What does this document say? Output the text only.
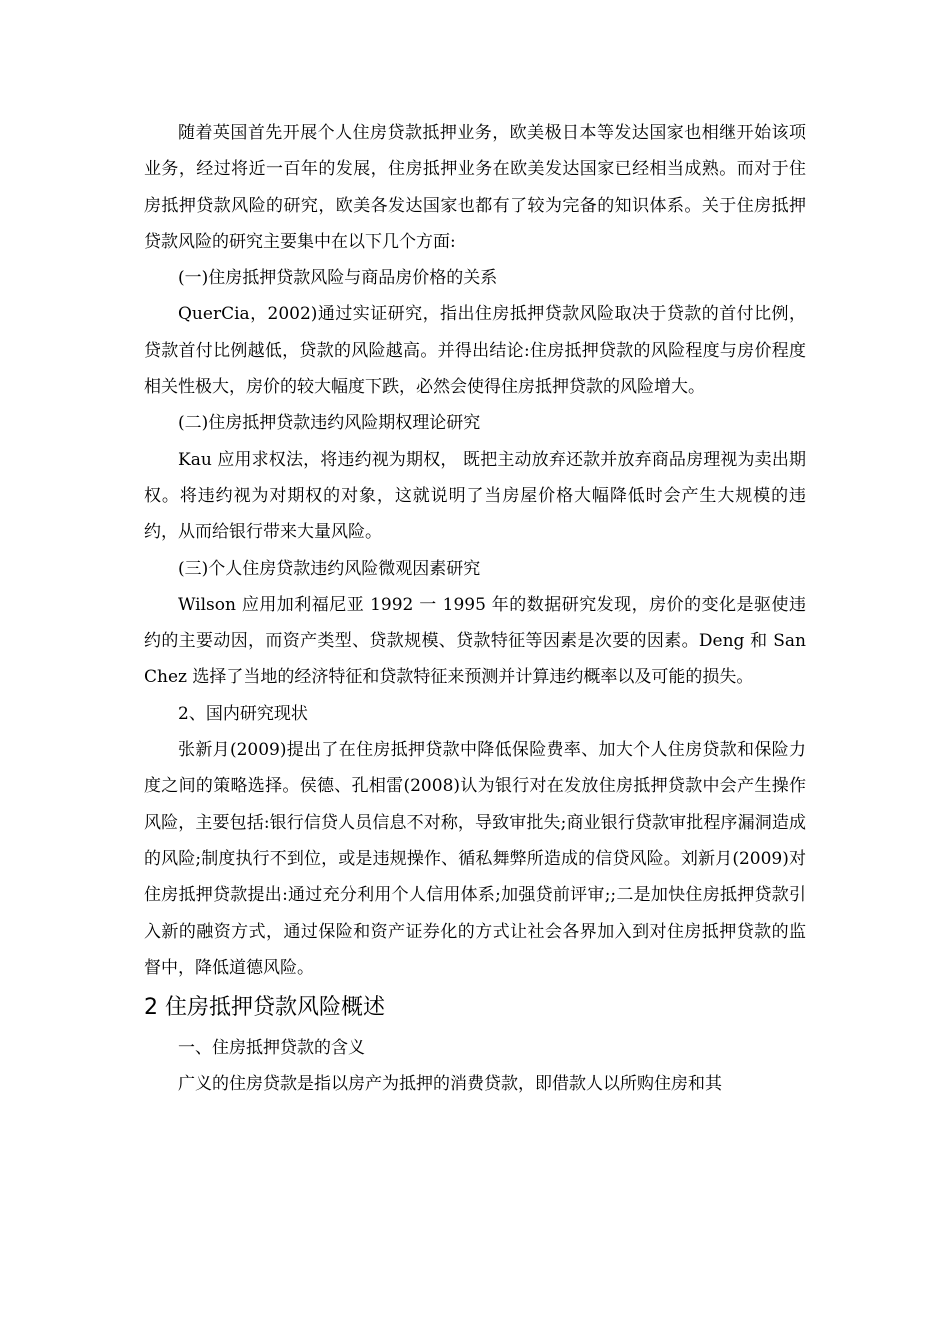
随着英国首先开展个人住房贷款抵押业务，欧美极日本等发达国家也相继开始该项业务，经过将近一百年的发展，住房抵押业务在欧美发达国家已经相当成熟。而对于住房抵押贷款风险的研究，欧美各发达国家也都有了较为完备的知识体系。关于住房抵押贷款风险的研究主要集中在以下几个方面:

(一)住房抵押贷款风险与商品房价格的关系

QuerCia，2002)通过实证研究，指出住房抵押贷款风险取决于贷款的首付比例，贷款首付比例越低，贷款的风险越高。并得出结论:住房抵押贷款的风险程度与房价程度相关性极大，房价的较大幅度下跌，必然会使得住房抵押贷款的风险增大。

(二)住房抵押贷款违约风险期权理论研究

Kau 应用求权法，将违约视为期权， 既把主动放弃还款并放弃商品房理视为卖出期权。将违约视为对期权的对象，这就说明了当房屋价格大幅降低时会产生大规模的违约，从而给银行带来大量风险。

(三)个人住房贷款违约风险微观因素研究

Wilson 应用加利福尼亚 1992 一 1995 年的数据研究发现，房价的变化是驱使违约的主要动因，而资产类型、贷款规模、贷款特征等因素是次要的因素。Deng 和 SanChez 选择了当地的经济特征和贷款特征来预测并计算违约概率以及可能的损失。

2、国内研究现状

张新月(2009)提出了在住房抵押贷款中降低保险费率、加大个人住房贷款和保险力度之间的策略选择。侯德、孔相雷(2008)认为银行对在发放住房抵押贷款中会产生操作风险，主要包括:银行信贷人员信息不对称，导致审批失;商业银行贷款审批程序漏洞造成的风险;制度执行不到位，或是违规操作、循私舞弊所造成的信贷风险。刘新月(2009)对住房抵押贷款提出:通过充分利用个人信用体系;加强贷前评审;;二是加快住房抵押贷款引入新的融资方式，通过保险和资产证券化的方式让社会各界加入到对住房抵押贷款的监督中，降低道德风险。

2 住房抵押贷款风险概述

一、住房抵押贷款的含义

广义的住房贷款是指以房产为抵押的消费贷款，即借款人以所购住房和其
